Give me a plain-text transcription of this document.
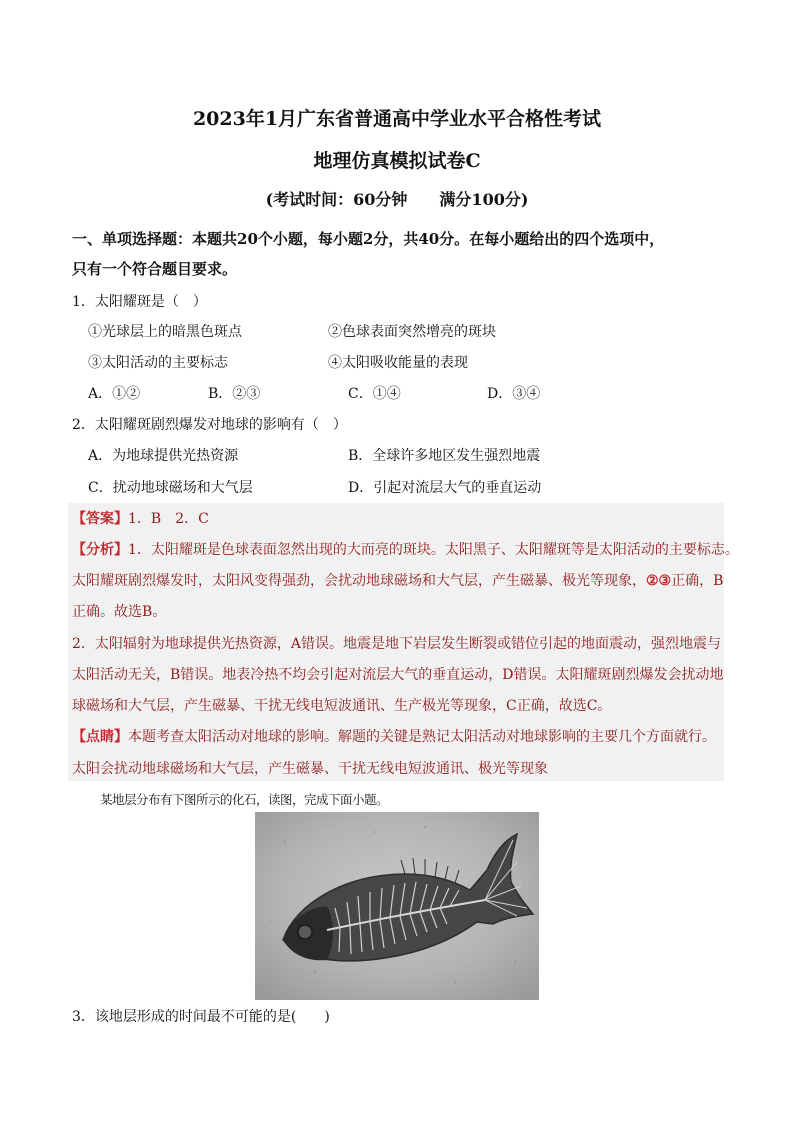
2023年1月广东省普通高中学业水平合格性考试
地理仿真模拟试卷C
(考试时间：60分钟　　满分100分)
一、单项选择题：本题共20个小题，每小题2分，共40分。在每小题给出的四个选项中，
只有一个符合题目要求。
1．太阳耀斑是（　）
①光球层上的暗黑色斑点	②色球表面突然增亮的斑块
③太阳活动的主要标志	④太阳吸收能量的表现
A．①②	B．②③	C．①④	D．③④
2．太阳耀斑剧烈爆发对地球的影响有（　）
A．为地球提供光热资源	B．全球许多地区发生强烈地震
C．扰动地球磁场和大气层	D．引起对流层大气的垂直运动
【答案】1．B　2．C
【分析】1．太阳耀斑是色球表面忽然出现的大而亮的斑块。太阳黑子、太阳耀斑等是太阳活动的主要标志。
太阳耀斑剧烈爆发时，太阳风变得强劲，会扰动地球磁场和大气层，产生磁暴、极光等现象，②③正确，B
正确。故选B。
2．太阳辐射为地球提供光热资源，A错误。地震是地下岩层发生断裂或错位引起的地面震动，强烈地震与
太阳活动无关，B错误。地表冷热不均会引起对流层大气的垂直运动，D错误。太阳耀斑剧烈爆发会扰动地
球磁场和大气层，产生磁暴、干扰无线电短波通讯、生产极光等现象，C正确，故选C。
【点睛】本题考查太阳活动对地球的影响。解题的关键是熟记太阳活动对地球影响的主要几个方面就行。
太阳会扰动地球磁场和大气层，产生磁暴、干扰无线电短波通讯、极光等现象
某地层分布有下图所示的化石，读图，完成下面小题。
3．该地层形成的时间最不可能的是(　　)
